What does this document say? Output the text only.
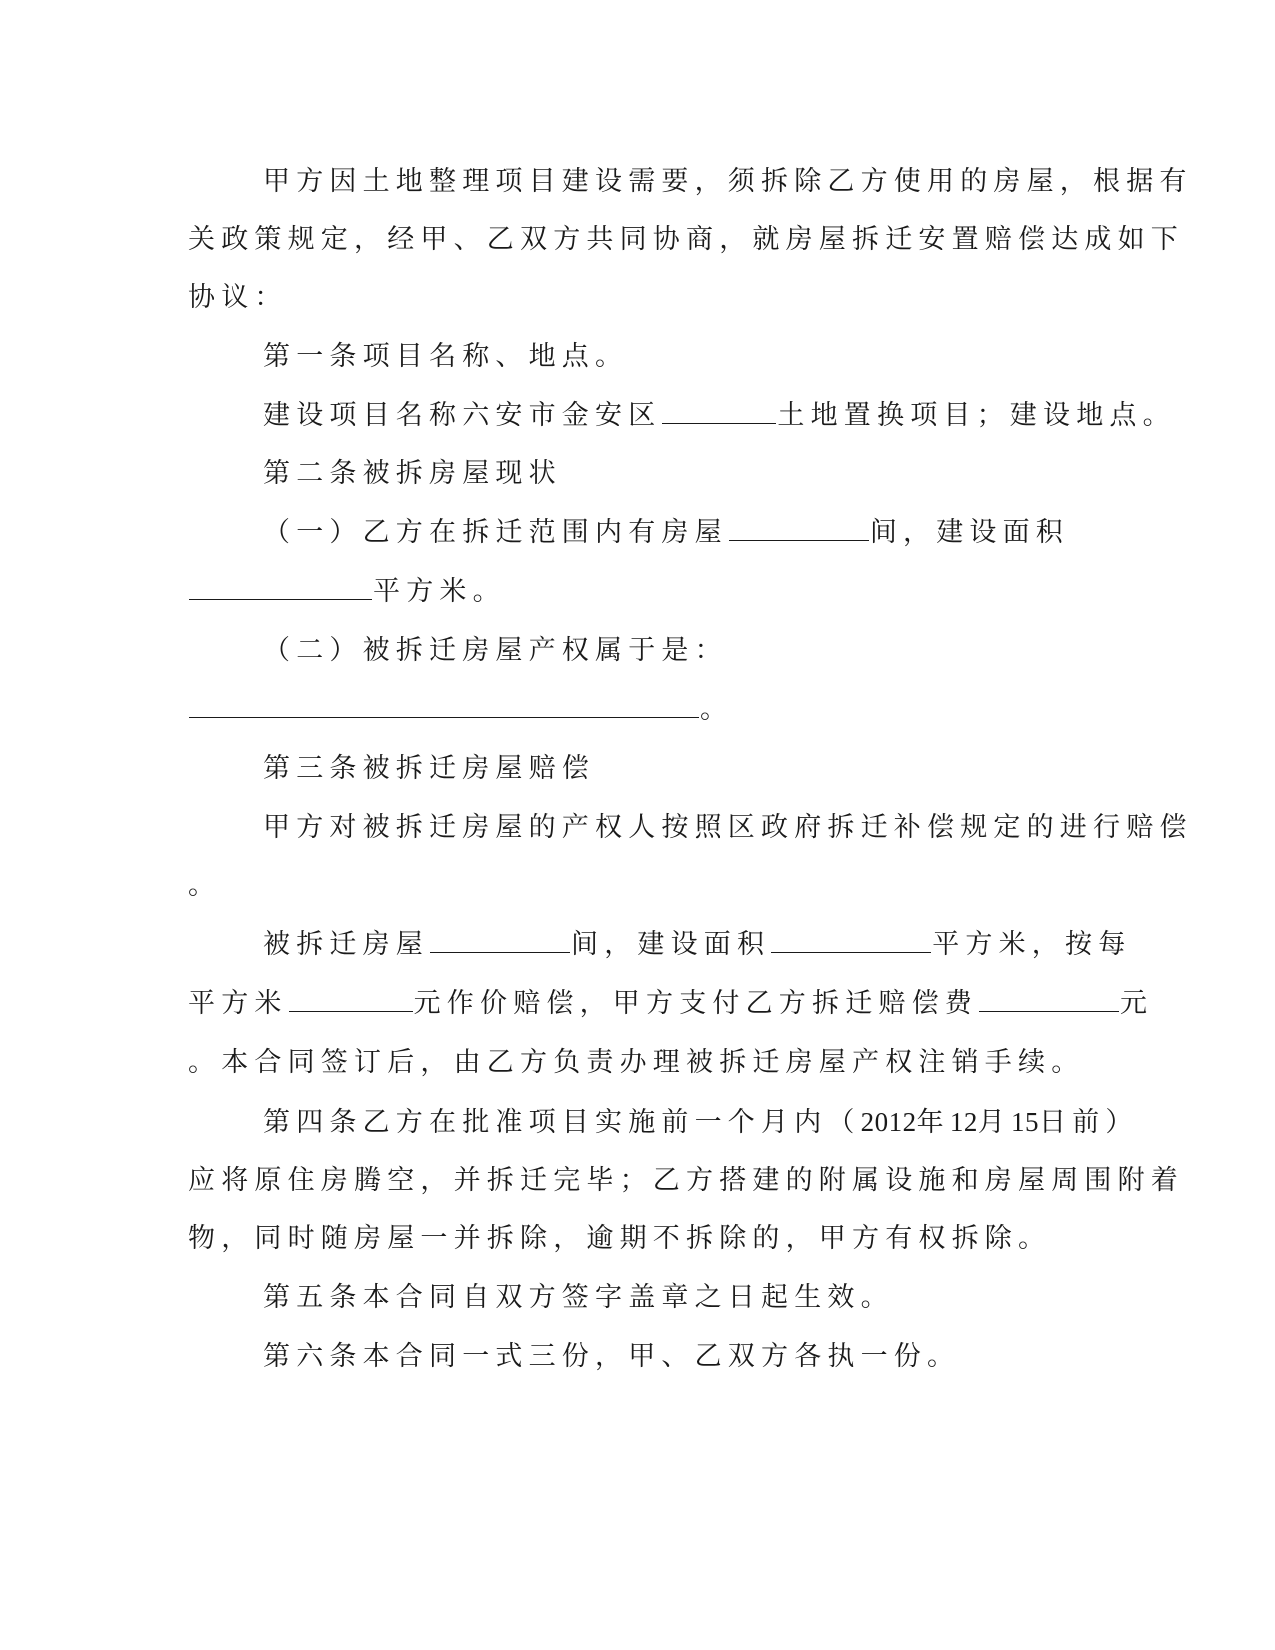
甲方因土地整理项目建设需要，须拆除乙方使用的房屋，根据有
关政策规定，经甲、乙双方共同协商，就房屋拆迁安置赔偿达成如下
协议：
第一条项目名称、地点。
建设项目名称六安市金安区	土地置换项目；建设地点。
第二条被拆房屋现状
（一）乙方在拆迁范围内有房屋	间，建设面积
平方米。
（二）被拆迁房屋产权属于是：
。
第三条被拆迁房屋赔偿
甲方对被拆迁房屋的产权人按照区政府拆迁补偿规定的进行赔偿
。
被拆迁房屋	间，建设面积	平方米，按每
平方米	元作价赔偿，甲方支付乙方拆迁赔偿费	元
。本合同签订后，由乙方负责办理被拆迁房屋产权注销手续。
第四条乙方在批准项目实施前一个月内（2012年12月15日前）
应将原住房腾空，并拆迁完毕；乙方搭建的附属设施和房屋周围附着
物，同时随房屋一并拆除，逾期不拆除的，甲方有权拆除。
第五条本合同自双方签字盖章之日起生效。
第六条本合同一式三份，甲、乙双方各执一份。
